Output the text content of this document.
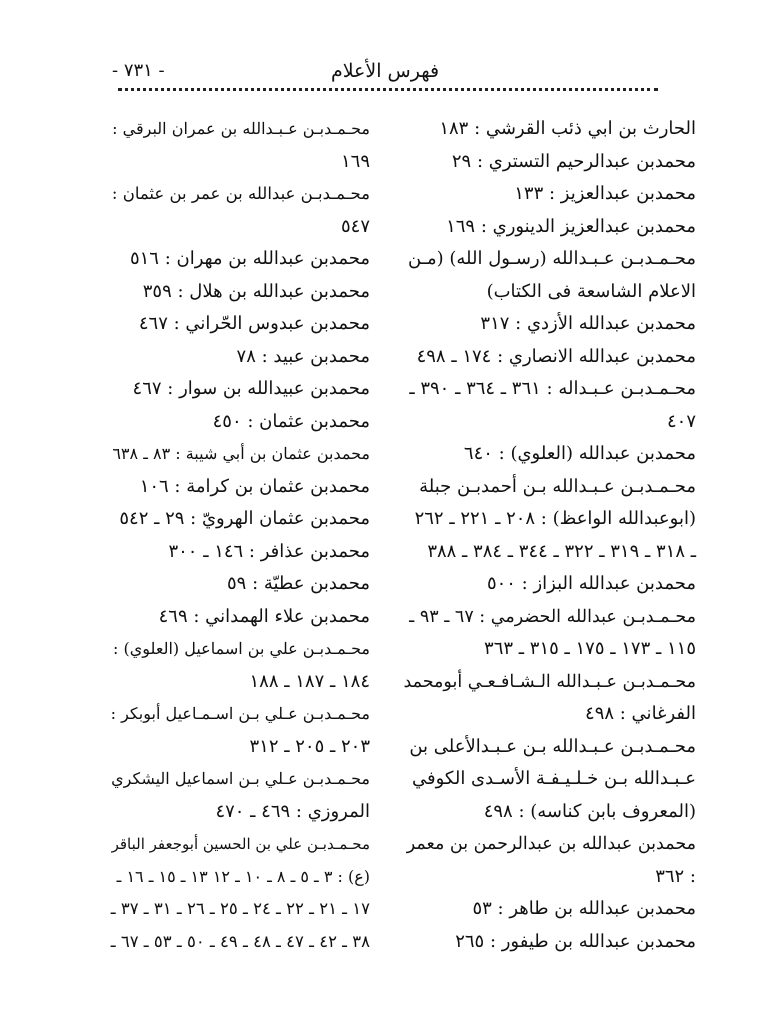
فهرس الأعلام
- ٧٣١ -
الحارث بن ابي ذئب القرشي : ١٨٣
محمدبن عبدالرحيم التستري : ٢٩
محمدبن عبدالعزيز : ١٣٣
محمدبن عبدالعزيز الدينوري : ١٦٩
محـمـدبـن عـبـدالله (رسـول الله) (مـن
الاعلام الشاسعة فى الكتاب)
محمدبن عبدالله الأزدي : ٣١٧
محمدبن عبدالله الانصاري : ١٧٤ ـ ٤٩٨
محـمـدبـن عـبـداله : ٣٦١ ـ ٣٦٤ ـ ٣٩٠ ـ
٤٠٧
محمدبن عبدالله (العلوي) : ٦٤٠
محـمـدبـن عـبـدالله بـن أحمدبـن جبلة
(ابوعبدالله الواعظ) : ٢٠٨ ـ ٢٢١ ـ ٢٦٢
ـ ٣١٨ ـ ٣١٩ ـ ٣٢٢ ـ ٣٤٤ ـ ٣٨٤ ـ ٣٨٨
محمدبن عبدالله البزاز : ٥٠٠
محـمـدبـن عبدالله الحضرمي : ٦٧ ـ ٩٣ ـ
١١٥ ـ ١٧٣ ـ ١٧٥ ـ ٣١٥ ـ ٣٦٣
محـمـدبـن عـبـدالله الـشـافـعـي أبومحمد
الفرغاني : ٤٩٨
محـمـدبـن عـبـدالله بـن عـبـدالأعلى بن
عـبـدالله بـن خـلـيـفـة الأسـدى الكوفي
(المعروف بابن كناسه) : ٤٩٨
محمدبن عبدالله بن عبدالرحمن بن معمر
: ٣٦٢
محمدبن عبدالله بن طاهر : ٥٣
محمدبن عبدالله بن طيفور : ٢٦٥
محـمـدبـن عـبـدالله بن عمران البرقي :
١٦٩
محـمـدبـن عبدالله بن عمر بن عثمان :
٥٤٧
محمدبن عبدالله بن مهران : ٥١٦
محمدبن عبدالله بن هلال : ٣٥٩
محمدبن عبدوس الحّراني : ٤٦٧
محمدبن عبيد : ٧٨
محمدبن عبيدالله بن سوار : ٤٦٧
محمدبن عثمان : ٤٥٠
محمدبن عثمان بن أبي شيبة : ٨٣ ـ ٦٣٨
محمدبن عثمان بن كرامة : ١٠٦
محمدبن عثمان الهرويّ : ٢٩ ـ ٥٤٢
محمدبن عذافر : ١٤٦ ـ ٣٠٠
محمدبن عطيّة : ٥٩
محمدبن علاء الهمداني : ٤٦٩
محـمـدبـن علي بن اسماعيل (العلوي) :
١٨٤ ـ ١٨٧ ـ ١٨٨
محـمـدبـن عـلي بـن اسـمـاعيل أبوبكر :
٢٠٣ ـ ٢٠٥ ـ ٣١٢
محـمـدبـن عـلي بـن اسماعيل اليشكري
المروزي : ٤٦٩ ـ ٤٧٠
محـمـدبـن علي بن الحسين أبوجعفر الباقر
(ع) : ٣ ـ ٥ ـ ٨ ـ ١٠ ـ ١٢ ١٣ ـ ١٥ ـ ١٦ ـ
١٧ ـ ٢١ ـ ٢٢ ـ ٢٤ ـ ٢٥ ـ ٢٦ ـ ٣١ ـ ٣٧ ـ
٣٨ ـ ٤٢ ـ ٤٧ ـ ٤٨ ـ ٤٩ ـ ٥٠ ـ ٥٣ ـ ٦٧ ـ
